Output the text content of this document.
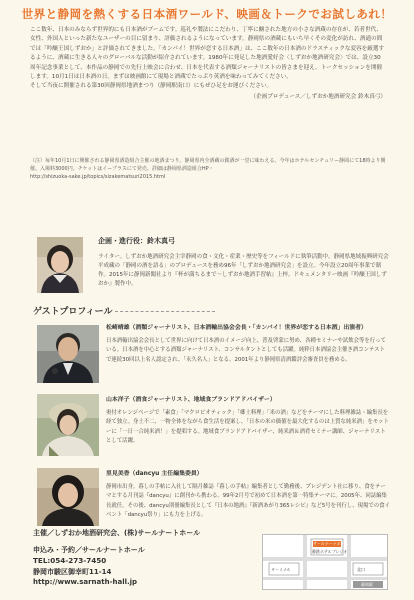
世界と静岡を熱くする日本酒ワールド、映画＆トークでお試しあれ！

ここ数年、日本のみならず世界的にも日本酒がブームです。巡礼や製法にこだわり、丁寧に醸された地方の小さな酒蔵の存在が、若者世代、女性、外国人といった新たなユーザーの目に留まり、評価されるようになっています。静岡県の酒蔵にもいち早くその変化が訪れ、酒通の間では「吟醸王国しずおか」と評価されてきました。「カンパイ！世界が恋する日本酒」は、ここ数年の日本酒のドラスティックな変容を厳選するように、酒蔵に生きる人々のグローバルな活動が紹介されています。1980年に発足した地酒愛好会〈しずおか地酒研究会〉では、設立30周年記念事業として、本作品の静岡での先行上映会に合わせ、日本を代表する酒類ジャーナリストの皆さまを迎え、トークセッションを開催します。10月1日は日本酒の日。まずは映画館にて現場と酒蔵でたっぷり英酒を味わってみてください。

そして当夜に開催される第30回静岡県地酒まつり（静岡駅南口）にもぜひ足をお運びください。

（企画プロデュース／しずおか地酒研究会 鈴木真弓）

（注）毎年10月1日に開催される静岡県酒造組合主催の地酒まつり。静岡県内全酒蔵の銘酒が一堂に味わえる。今年はホテルセンチュリー静岡にて18時より開催。入場料3000円。チケットはイープラスにて発売。詳細は静岡県酒造組合HP・

http://shizuoka-sake.jp/topics/sizakematsuri2015.html

企画・進行役：鈴木真弓
ライター。しずおか地酒研究会主宰静岡の食・文化・産業・歴史等をフィールドに執筆活動中。静岡県地域振興研究会平成藏の「静岡の酒を語る」のプロデュースを務め96年「しずおか地酒研究会」を設立。今年設立20周年事業で制作。2015年に静岡新聞社より『杯が満ちるまで〜しずおか地酒手習帖』上梓。ドキュメンタリー映画『吟醸王国しずおか』製作中。
ゲストプロフィール
松崎晴雄（酒類ジャーナリスト、日本酒輸出協会会長・「カンパイ！世界が恋する日本酒」出演者）
日本酒輸出協会会長として世界に向けて日本酒のイメージ向上、普及啓蒙に努め、各種セミナーや試飲会等を行っている。日本酒を中心とする酒類ジャーナリスト、コンサルタントとしても活躍。純粋日本酒協会主催き酒コンテストで連続30回以上名人認定され、「永久名人」となる。2001年より静岡県清酒鑑評会審査員を務める。
山本洋子（酒食ジャーナリスト、地域食ブランドアドバイザー）
奥付オレンジページで「素食」「マクロビオティック」「郷土料理」「米の酒」などをテーマにした料理雑誌・編集長を経て独立。身土不二、一物全体をながら食生活を提案し、「日本の米の価値を最大化するのは上質な純米酒」をモットーに「一日一合純米酒！」を提唱する。地域食ブランドアドバイザー、純米酒＆酒肴セミナー講師、ジャーナリストとして活躍。
里見美香（dancyu 主任編集委員）
静岡市出身。暮しの手帖に入社して隔月雑誌『暮しの手帖』編集者として勤務後、プレジデント社に移り、食をテーマとする月刊誌『dancyu』に創刊から携わる。99年2月号で初めて日本酒を第一特集テーマに。2005年、同誌編集長就任。その後、dancyu別冊編集長として『日本の地酒』『新酒あがり365レシピ』など5号を刊行し、現場での食イベント「dancyu祭り」にも力を上げる。
主催／しずおか地酒研究会、(株)サールナートホール
申込み・予約／サールナートホール
TEL:054-273-7450
静岡市駿区御幸町11-14
http://www.sarnath-hall.jp
サールナートホール
静鉄ホテルプレジオ
ターミナル	北口
静岡駅
